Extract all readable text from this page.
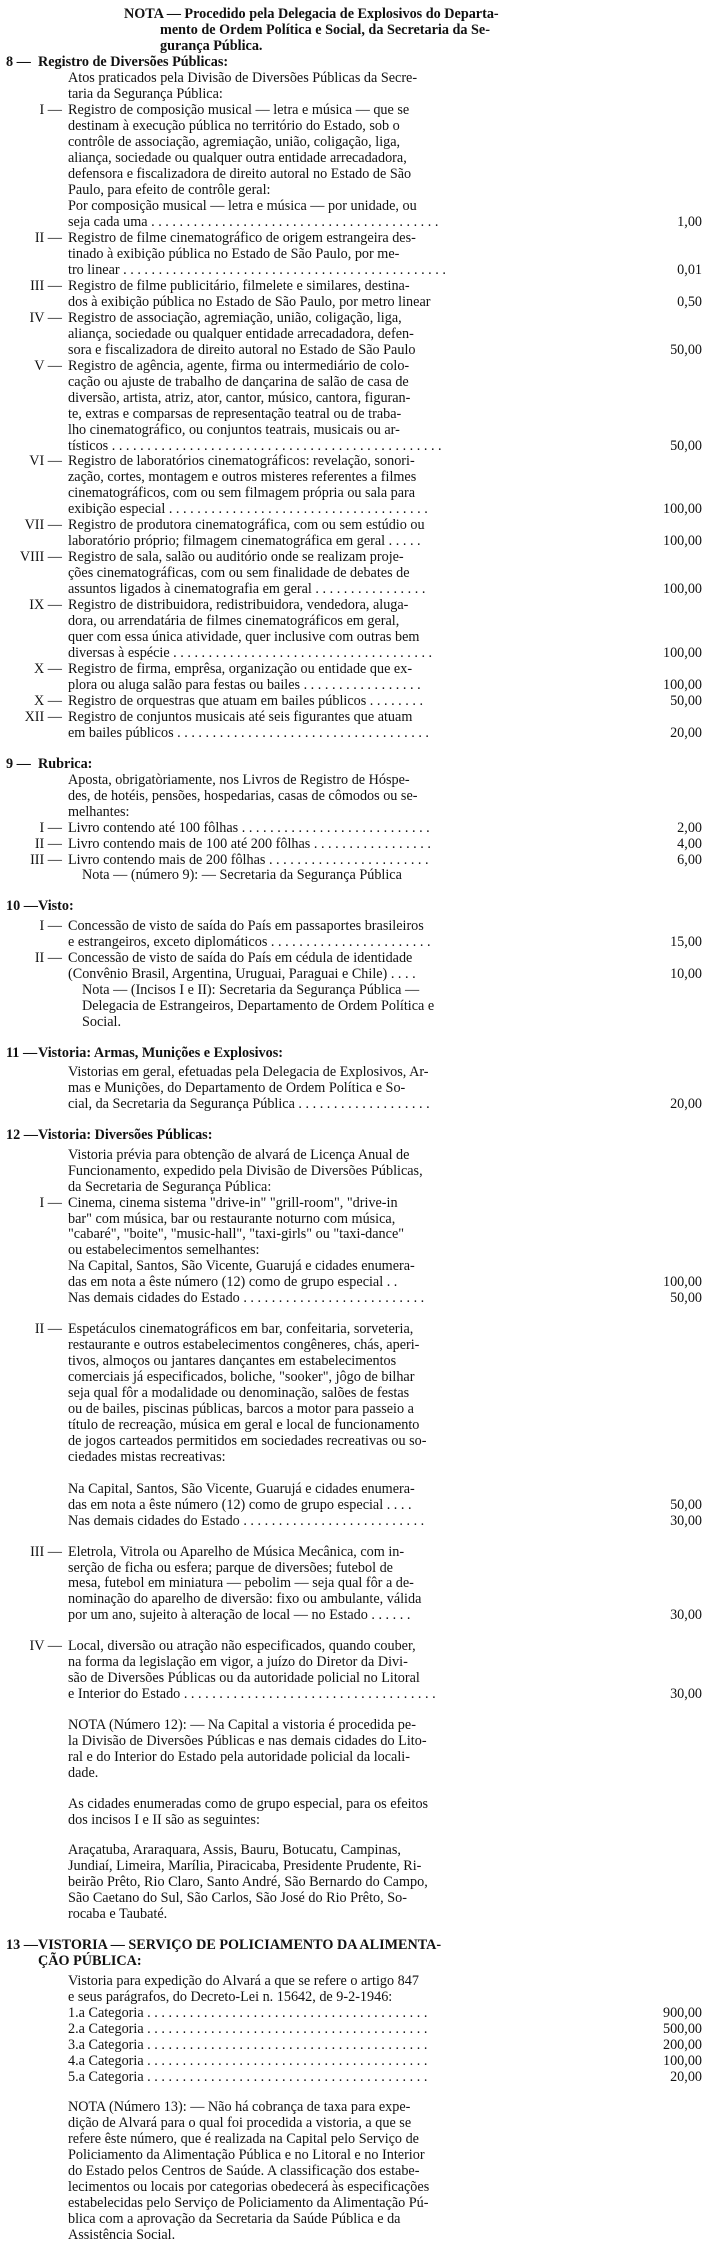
NOTA — Procedido pela Delegacia de Explosivos do Departa-
mento de Ordem Política e Social, da Secretaria da Se-
gurança Pública.
8 — Registro de Diversões Públicas:
Atos praticados pela Divisão de Diversões Públicas da Secre-
taria da Segurança Pública:
I — Registro de composição musical — letra e música — que se
destinam à execução pública no território do Estado, sob o
contrôle de associação, agremiação, união, coligação, liga,
aliança, sociedade ou qualquer outra entidade arrecadadora,
defensora e fiscalizadora de direito autoral no Estado de São
Paulo, para efeito de contrôle geral:
Por composição musical — letra e música — por unidade, ou
seja cada uma . . . . . . . . . . . . . . . . . . . . . . . . . . . . . . . . . . . . . . . . .	1,00
II — Registro de filme cinematográfico de origem estrangeira des-
tinado à exibição pública no Estado de São Paulo, por me-
tro linear . . . . . . . . . . . . . . . . . . . . . . . . . . . . . . . . . . . . . . . . . . . . . .	0,01
III — Registro de filme publicitário, filmelete e similares, destina-
dos à exibição pública no Estado de São Paulo, por metro linear	0,50
IV — Registro de associação, agremiação, união, coligação, liga,
aliança, sociedade ou qualquer entidade arrecadadora, defen-
sora e fiscalizadora de direito autoral no Estado de São Paulo	50,00
V — Registro de agência, agente, firma ou intermediário de colo-
cação ou ajuste de trabalho de dançarina de salão de casa de
diversão, artista, atriz, ator, cantor, músico, cantora, figuran-
te, extras e comparsas de representação teatral ou de traba-
lho cinematográfico, ou conjuntos teatrais, musicais ou ar-
tísticos . . . . . . . . . . . . . . . . . . . . . . . . . . . . . . . . . . . . . . . . . . . . . . .	50,00
VI — Registro de laboratórios cinematográficos: revelação, sonori-
zação, cortes, montagem e outros misteres referentes a filmes
cinematográficos, com ou sem filmagem própria ou sala para
exibição especial . . . . . . . . . . . . . . . . . . . . . . . . . . . . . . . . . . . . .	100,00
VII — Registro de produtora cinematográfica, com ou sem estúdio ou
laboratório próprio; filmagem cinematográfica em geral . . . . .	100,00
VIII — Registro de sala, salão ou auditório onde se realizam proje-
ções cinematográficas, com ou sem finalidade de debates de
assuntos ligados à cinematografia em geral . . . . . . . . . . . . . . . .	100,00
IX — Registro de distribuidora, redistribuidora, vendedora, aluga-
dora, ou arrendatária de filmes cinematográficos em geral,
quer com essa única atividade, quer inclusive com outras bem
diversas à espécie . . . . . . . . . . . . . . . . . . . . . . . . . . . . . . . . . . . . .	100,00
X — Registro de firma, emprêsa, organização ou entidade que ex-
plora ou aluga salão para festas ou bailes . . . . . . . . . . . . . . . . .	100,00
X — Registro de orquestras que atuam em bailes públicos . . . . . . . .	50,00
XII — Registro de conjuntos musicais até seis figurantes que atuam
em bailes públicos . . . . . . . . . . . . . . . . . . . . . . . . . . . . . . . . . . . .	20,00
9 — Rubrica:
Aposta, obrigatòriamente, nos Livros de Registro de Hóspe-
des, de hotéis, pensões, hospedarias, casas de cômodos ou se-
melhantes:
I — Livro contendo até 100 fôlhas . . . . . . . . . . . . . . . . . . . . . . . . . . .	2,00
II — Livro contendo mais de 100 até 200 fôlhas . . . . . . . . . . . . . . . . .	4,00
III — Livro contendo mais de 200 fôlhas . . . . . . . . . . . . . . . . . . . . . . .	6,00
Nota — (número 9): — Secretaria da Segurança Pública
10 — Visto:
I — Concessão de visto de saída do País em passaportes brasileiros
e estrangeiros, exceto diplomáticos . . . . . . . . . . . . . . . . . . . . . . .	15,00
II — Concessão de visto de saída do País em cédula de identidade
(Convênio Brasil, Argentina, Uruguai, Paraguai e Chile) . . . .	10,00
Nota — (Incisos I e II): Secretaria da Segurança Pública —
Delegacia de Estrangeiros, Departamento de Ordem Política e
Social.
11 — Vistoria: Armas, Munições e Explosivos:
Vistorias em geral, efetuadas pela Delegacia de Explosivos, Ar-
mas e Munições, do Departamento de Ordem Política e So-
cial, da Secretaria da Segurança Pública . . . . . . . . . . . . . . . . . . .	20,00
12 — Vistoria: Diversões Públicas:
Vistoria prévia para obtenção de alvará de Licença Anual de
Funcionamento, expedido pela Divisão de Diversões Públicas,
da Secretaria de Segurança Pública:
I — Cinema, cinema sistema "drive-in" "grill-room", "drive-in
bar" com música, bar ou restaurante noturno com música,
"cabaré", "boite", "music-hall", "taxi-girls" ou "taxi-dance"
ou estabelecimentos semelhantes:
Na Capital, Santos, São Vicente, Guarujá e cidades enumera-
das em nota a êste número (12) como de grupo especial . .	100,00
Nas demais cidades do Estado . . . . . . . . . . . . . . . . . . . . . . . . . .	50,00
II — Espetáculos cinematográficos em bar, confeitaria, sorveteria,
restaurante e outros estabelecimentos congêneres, chás, aperi-
tivos, almoços ou jantares dançantes em estabelecimentos
comerciais já especificados, boliche, "sooker", jôgo de bilhar
seja qual fôr a modalidade ou denominação, salões de festas
ou de bailes, piscinas públicas, barcos a motor para passeio a
título de recreação, música em geral e local de funcionamento
de jogos carteados permitidos em sociedades recreativas ou so-
ciedades mistas recreativas:
Na Capital, Santos, São Vicente, Guarujá e cidades enumera-
das em nota a êste número (12) como de grupo especial . . . .	50,00
Nas demais cidades do Estado . . . . . . . . . . . . . . . . . . . . . . . . . .	30,00
III — Eletrola, Vitrola ou Aparelho de Música Mecânica, com in-
serção de ficha ou esfera; parque de diversões; futebol de
mesa, futebol em miniatura — pebolim — seja qual fôr a de-
nominação do aparelho de diversão: fixo ou ambulante, válida
por um ano, sujeito à alteração de local — no Estado . . . . . .	30,00
IV — Local, diversão ou atração não especificados, quando couber,
na forma da legislação em vigor, a juízo do Diretor da Divi-
são de Diversões Públicas ou da autoridade policial no Litoral
e Interior do Estado . . . . . . . . . . . . . . . . . . . . . . . . . . . . . . . . . . . .	30,00
NOTA (Número 12): — Na Capital a vistoria é procedida pe-
la Divisão de Diversões Públicas e nas demais cidades do Lito-
ral e do Interior do Estado pela autoridade policial da locali-
dade.
As cidades enumeradas como de grupo especial, para os efeitos
dos incisos I e II são as seguintes:
Araçatuba, Araraquara, Assis, Bauru, Botucatu, Campinas,
Jundiaí, Limeira, Marília, Piracicaba, Presidente Prudente, Ri-
beirão Prêto, Rio Claro, Santo André, São Bernardo do Campo,
São Caetano do Sul, São Carlos, São José do Rio Prêto, So-
rocaba e Taubaté.
13 — VISTORIA — SERVIÇO DE POLICIAMENTO DA ALIMENTA-
ÇÃO PÚBLICA:
Vistoria para expedição do Alvará a que se refere o artigo 847
e seus parágrafos, do Decreto-Lei n. 15642, de 9-2-1946:
NOTA (Número 13): — Não há cobrança de taxa para expe-
dição de Alvará para o qual foi procedida a vistoria, a que se
refere êste número, que é realizada na Capital pelo Serviço de
Policiamento da Alimentação Pública e no Litoral e no Interior
do Estado pelos Centros de Saúde. A classificação dos estabe-
lecimentos ou locais por categorias obedecerá às especificações
estabelecidas pelo Serviço de Policiamento da Alimentação Pú-
blica com a aprovação da Secretaria da Saúde Pública e da
Assistência Social.
1.a Categoria . . . . . . . . . . . . . . . . . . . . . . . . . . . . . . . . . . . . . . . .	900,00
2.a Categoria . . . . . . . . . . . . . . . . . . . . . . . . . . . . . . . . . . . . . . . .	500,00
3.a Categoria . . . . . . . . . . . . . . . . . . . . . . . . . . . . . . . . . . . . . . . .	200,00
4.a Categoria . . . . . . . . . . . . . . . . . . . . . . . . . . . . . . . . . . . . . . . .	100,00
5.a Categoria . . . . . . . . . . . . . . . . . . . . . . . . . . . . . . . . . . . . . . . .	20,00
